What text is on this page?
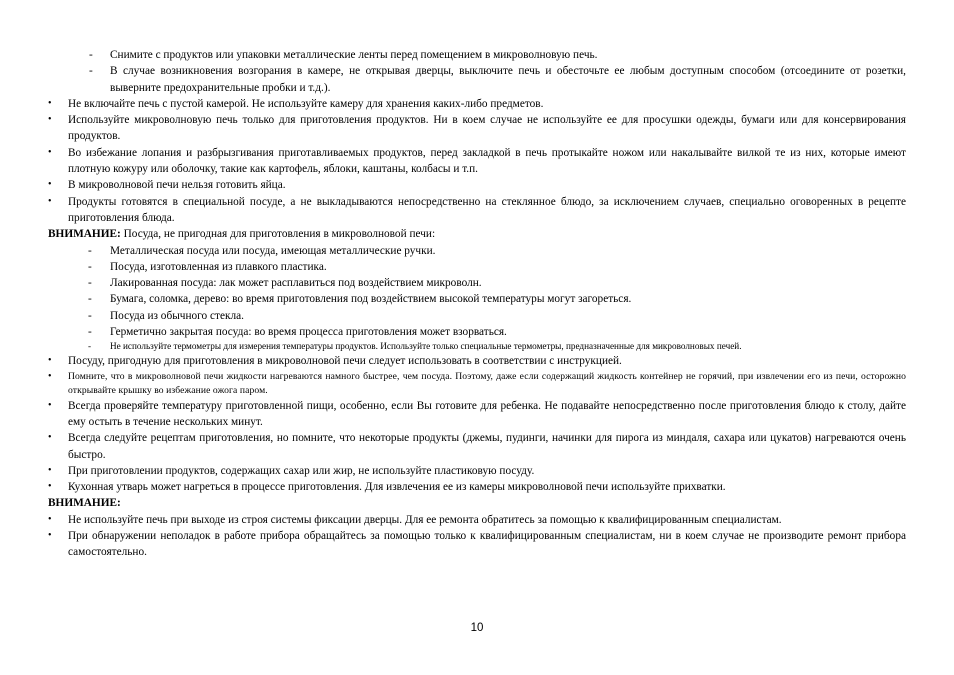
- Снимите с продуктов или упаковки металлические ленты перед помещением в микроволновую печь.
- В случае возникновения возгорания в камере, не открывая дверцы, выключите печь и обесточьте ее любым доступным способом (отсоедините от розетки, выверните предохранительные пробки и т.д.).
• Не включайте печь с пустой камерой. Не используйте камеру для хранения каких-либо предметов.
• Используйте микроволновую печь только для приготовления продуктов. Ни в коем случае не используйте ее для просушки одежды, бумаги или для консервирования продуктов.
• Во избежание лопания и разбрызгивания приготавливаемых продуктов, перед закладкой в печь протыкайте ножом или накалывайте вилкой те из них, которые имеют плотную кожуру или оболочку, такие как картофель, яблоки, каштаны, колбасы и т.п.
• В микроволновой печи нельзя готовить яйца.
• Продукты готовятся в специальной посуде, а не выкладываются непосредственно на стеклянное блюдо, за исключением случаев, специально оговоренных в рецепте приготовления блюда.
ВНИМАНИЕ: Посуда, не пригодная для приготовления в микроволновой печи:
- Металлическая посуда или посуда, имеющая металлические ручки.
- Посуда, изготовленная из плавкого пластика.
- Лакированная посуда: лак может расплавиться под воздействием микроволн.
- Бумага, соломка, дерево: во время приготовления под воздействием высокой температуры могут загореться.
- Посуда из обычного стекла.
- Герметично закрытая посуда: во время процесса приготовления может взорваться.
- Не используйте термометры для измерения температуры продуктов. Используйте только специальные термометры, предназначенные для микроволновых печей.
• Посуду, пригодную для приготовления в микроволновой печи следует использовать в соответствии с инструкцией.
• Помните, что в микроволновой печи жидкости нагреваются намного быстрее, чем посуда. Поэтому, даже если содержащий жидкость контейнер не горячий, при извлечении его из печи, осторожно открывайте крышку во избежание ожога паром.
• Всегда проверяйте температуру приготовленной пищи, особенно, если Вы готовите для ребенка. Не подавайте непосредственно после приготовления блюдо к столу, дайте ему остыть в течение нескольких минут.
• Всегда следуйте рецептам приготовления, но помните, что некоторые продукты (джемы, пудинги, начинки для пирога из миндаля, сахара или цукатов) нагреваются очень быстро.
• При приготовлении продуктов, содержащих сахар или жир, не используйте пластиковую посуду.
• Кухонная утварь может нагреться в процессе приготовления. Для извлечения ее из камеры микроволновой печи используйте прихватки.
ВНИМАНИЕ:
• Не используйте печь при выходе из строя системы фиксации дверцы. Для ее ремонта обратитесь за помощью к квалифицированным специалистам.
• При обнаружении неполадок в работе прибора обращайтесь за помощью только к квалифицированным специалистам, ни в коем случае не производите ремонт прибора самостоятельно.
10
